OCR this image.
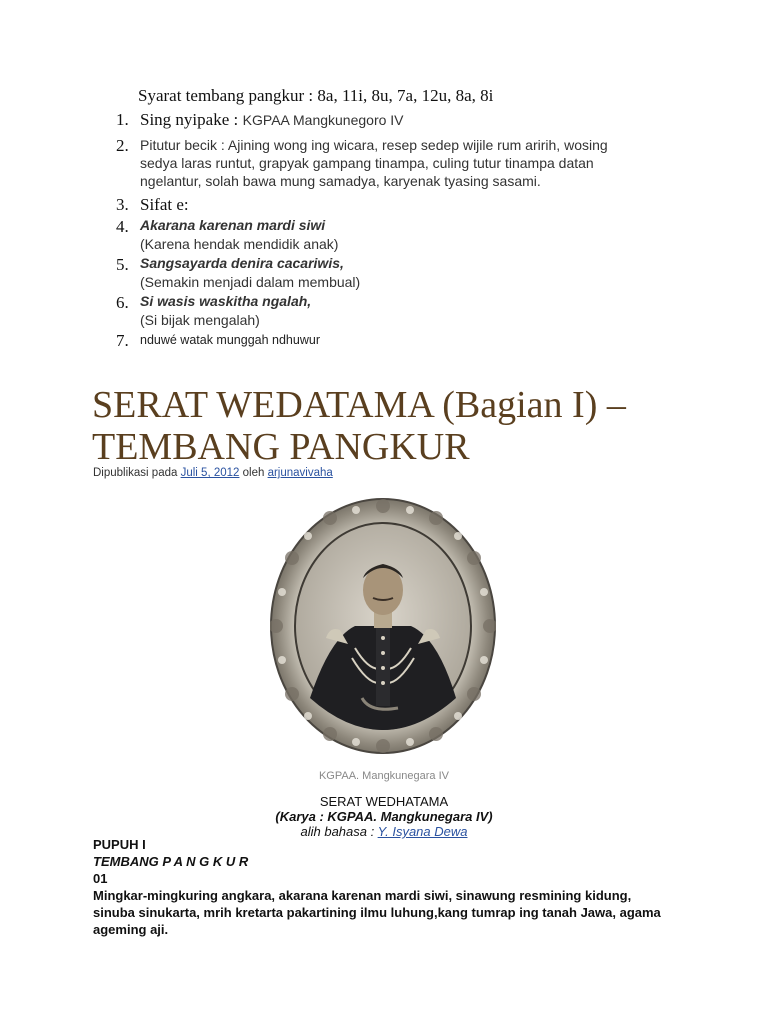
Syarat tembang pangkur : 8a, 11i, 8u, 7a, 12u, 8a, 8i

1. Sing nyipake : KGPAA Mangkunegoro IV
2. Pitutur becik : Ajining wong ing wicara, resep sedep wijile rum aririh, wosing sedya laras runtut, grapyak gampang tinampa, culing tutur tinampa datan ngelantur, solah bawa mung samadya, karyenak tyasing sasami.
3. Sifat e:
4. Akarana karenan mardi siwi
(Karena hendak mendidik anak)
5. Sangsayarda denira cacariwis,
(Semakin menjadi dalam membual)
6. Si wasis waskitha ngalah,
(Si bijak mengalah)
7. nduwé watak munggah ndhuwur
SERAT WEDATAMA (Bagian I) – TEMBANG PANGKUR
Dipublikasi pada Juli 5, 2012 oleh arjunavivaha
KGPAA. Mangkunegara IV
SERAT WEDHATAMA
(Karya : KGPAA. Mangkunegara IV)
alih bahasa : Y. Isyana Dewa
PUPUH I
TEMBANG P A N G K U R
01
Mingkar-mingkuring angkara, akarana karenan mardi siwi, sinawung resmining kidung, sinuba sinukarta, mrih kretarta pakartining ilmu luhung,kang tumrap ing tanah Jawa, agama ageming aji.
